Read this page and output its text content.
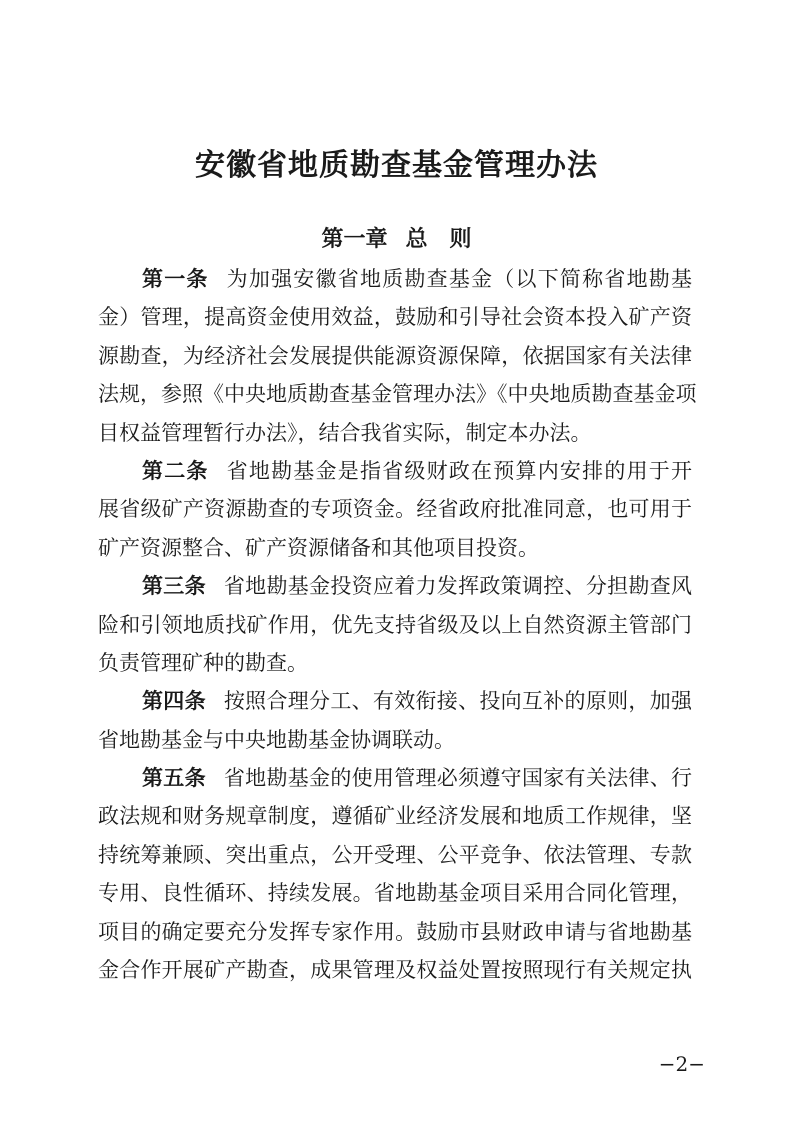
安徽省地质勘查基金管理办法
第一章 总　则
第一条 为加强安徽省地质勘查基金（以下简称省地勘基
金）管理，提高资金使用效益，鼓励和引导社会资本投入矿产资
源勘查，为经济社会发展提供能源资源保障，依据国家有关法律
法规，参照《中央地质勘查基金管理办法》《中央地质勘查基金项
目权益管理暂行办法》，结合我省实际，制定本办法。
第二条 省地勘基金是指省级财政在预算内安排的用于开
展省级矿产资源勘查的专项资金。经省政府批准同意，也可用于
矿产资源整合、矿产资源储备和其他项目投资。
第三条 省地勘基金投资应着力发挥政策调控、分担勘查风
险和引领地质找矿作用，优先支持省级及以上自然资源主管部门
负责管理矿种的勘查。
第四条 按照合理分工、有效衔接、投向互补的原则，加强
省地勘基金与中央地勘基金协调联动。
第五条 省地勘基金的使用管理必须遵守国家有关法律、行
政法规和财务规章制度，遵循矿业经济发展和地质工作规律，坚
持统筹兼顾、突出重点，公开受理、公平竞争、依法管理、专款
专用、良性循环、持续发展。省地勘基金项目采用合同化管理，
项目的确定要充分发挥专家作用。鼓励市县财政申请与省地勘基
金合作开展矿产勘查，成果管理及权益处置按照现行有关规定执
−2−
